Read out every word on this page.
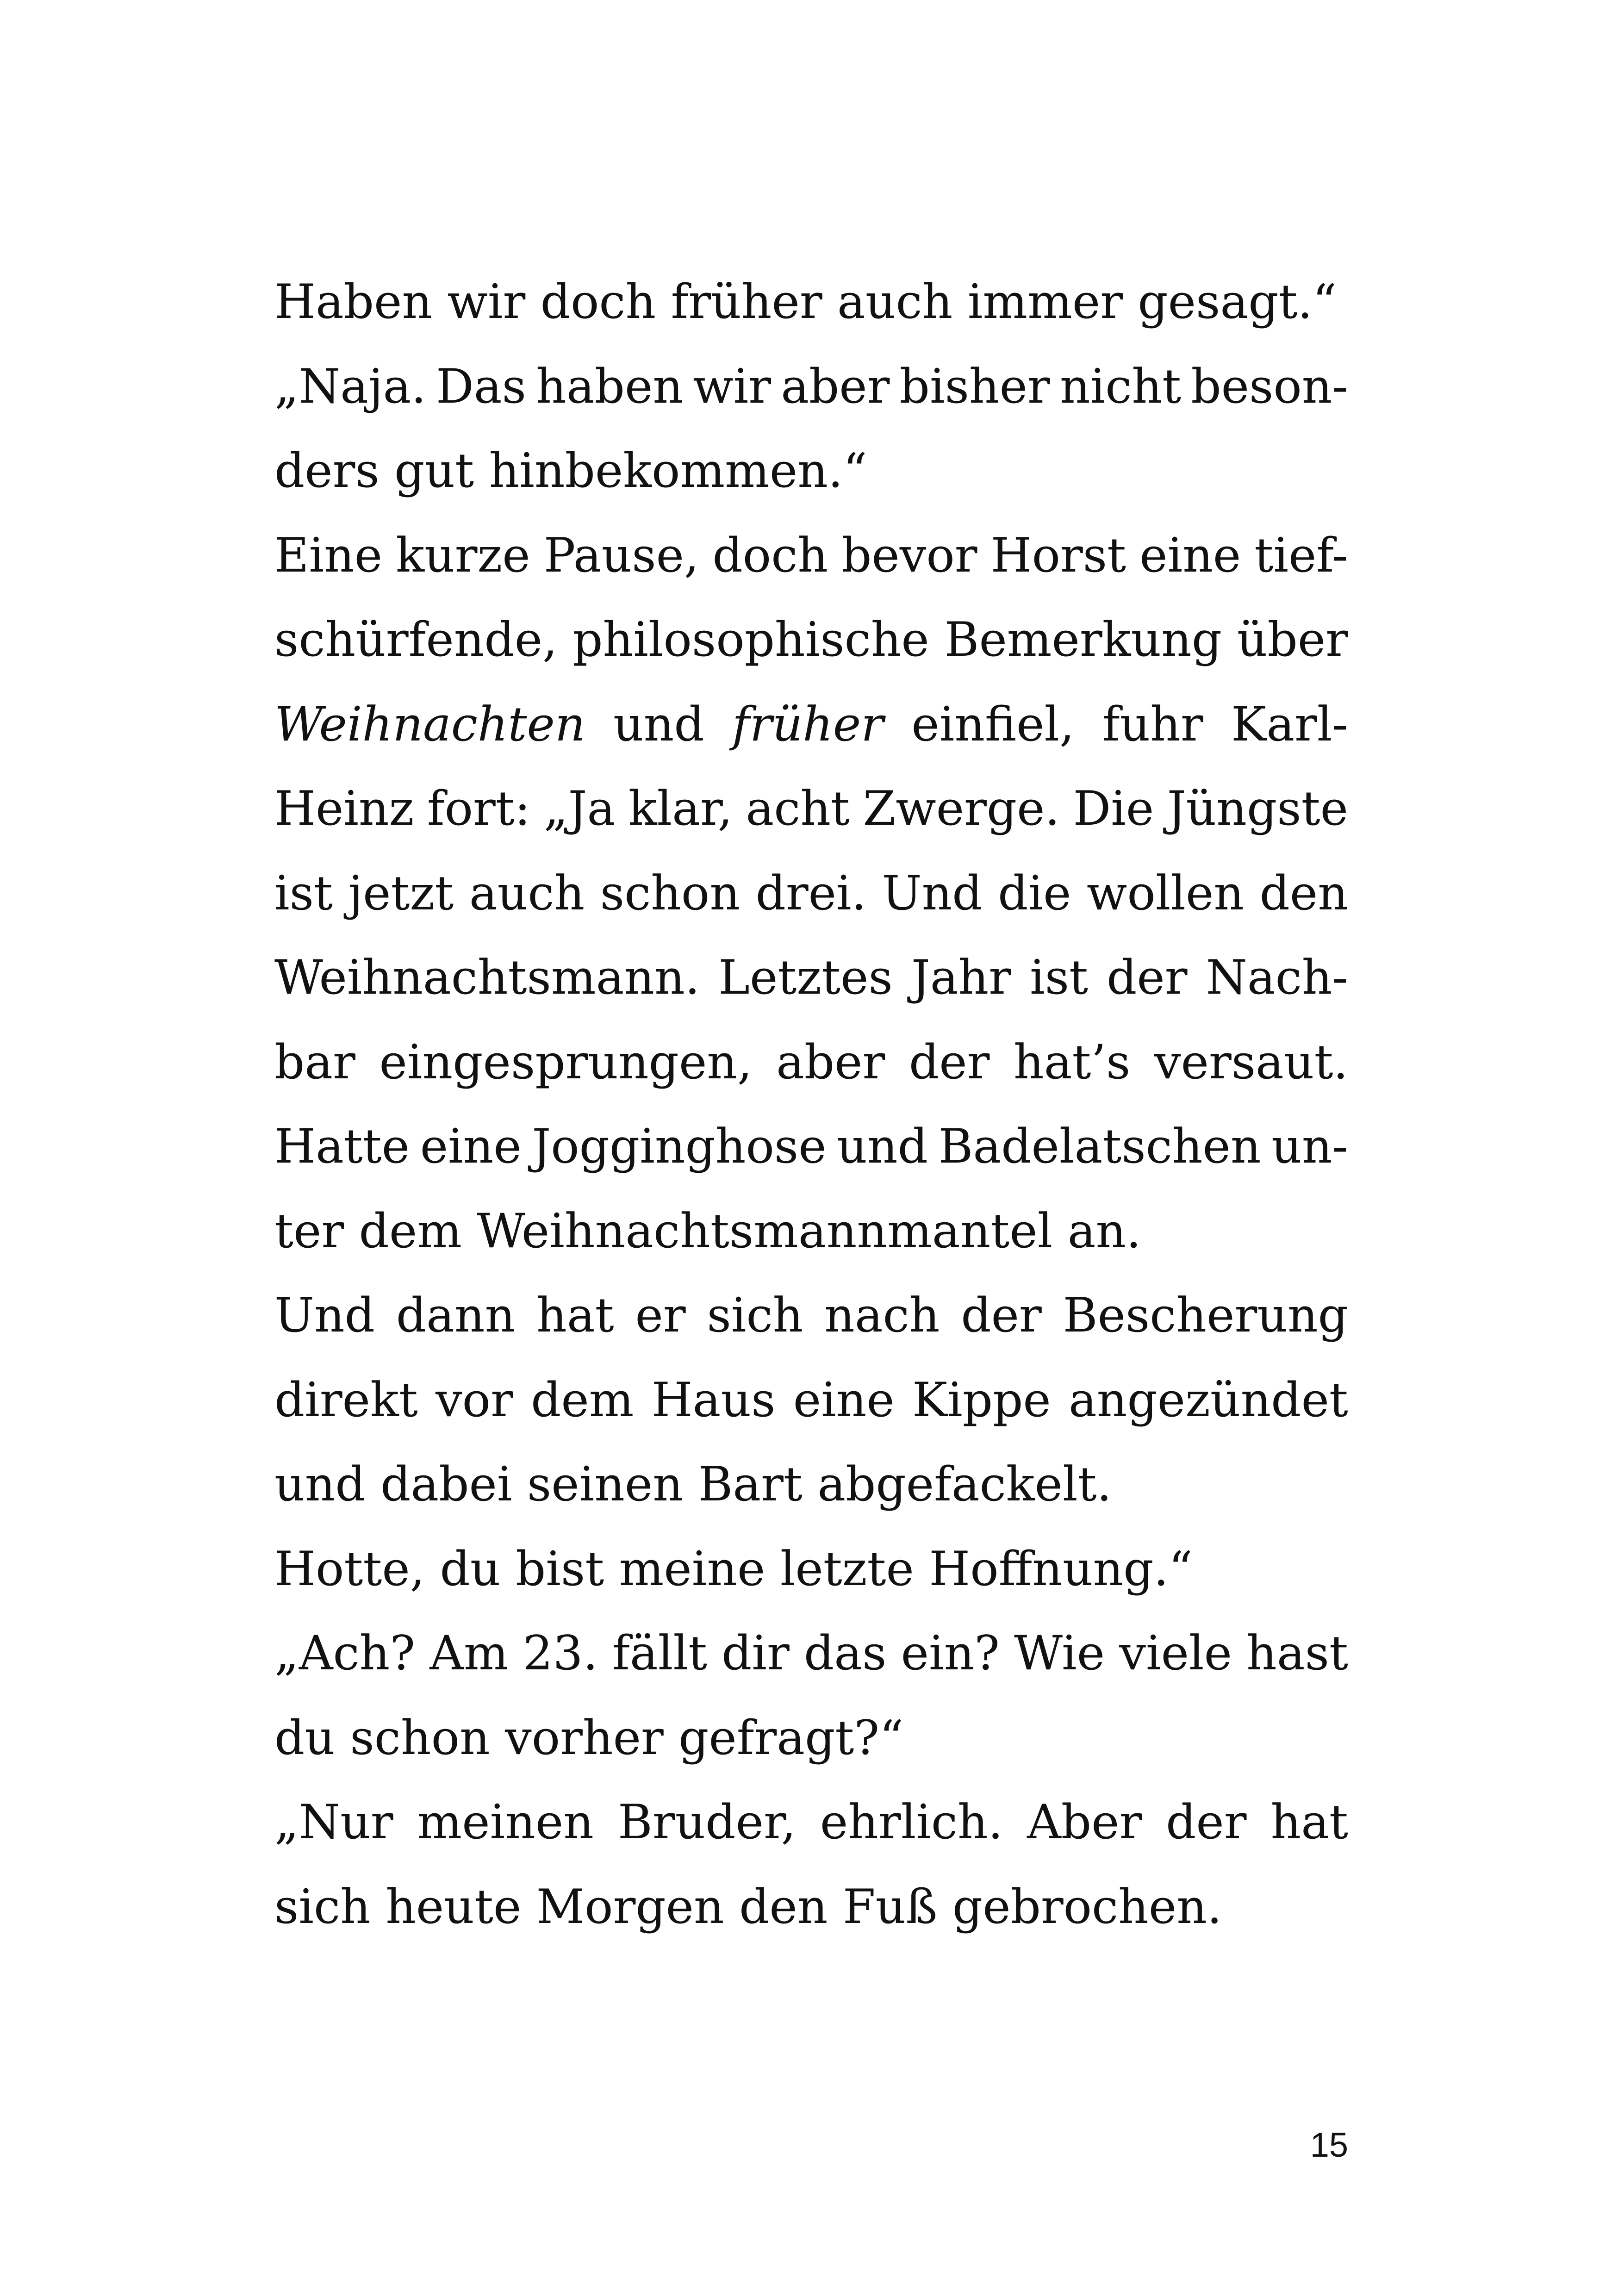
Haben wir doch früher auch immer gesagt.“
„Naja. Das haben wir aber bisher nicht beson-
ders gut hinbekommen.“
Eine kurze Pause, doch bevor Horst eine tief-
schürfende, philosophische Bemerkung über
Weihnachten und früher einfiel, fuhr Karl-
Heinz fort: „Ja klar, acht Zwerge. Die Jüngste
ist jetzt auch schon drei. Und die wollen den
Weihnachtsmann. Letztes Jahr ist der Nach-
bar eingesprungen, aber der hat’s versaut.
Hatte eine Jogginghose und Badelatschen un-
ter dem Weihnachtsmannmantel an.
Und dann hat er sich nach der Bescherung
direkt vor dem Haus eine Kippe angezündet
und dabei seinen Bart abgefackelt.
Hotte, du bist meine letzte Hoffnung.“
„Ach? Am 23. fällt dir das ein? Wie viele hast
du schon vorher gefragt?“
„Nur meinen Bruder, ehrlich. Aber der hat
sich heute Morgen den Fuß gebrochen.
15
